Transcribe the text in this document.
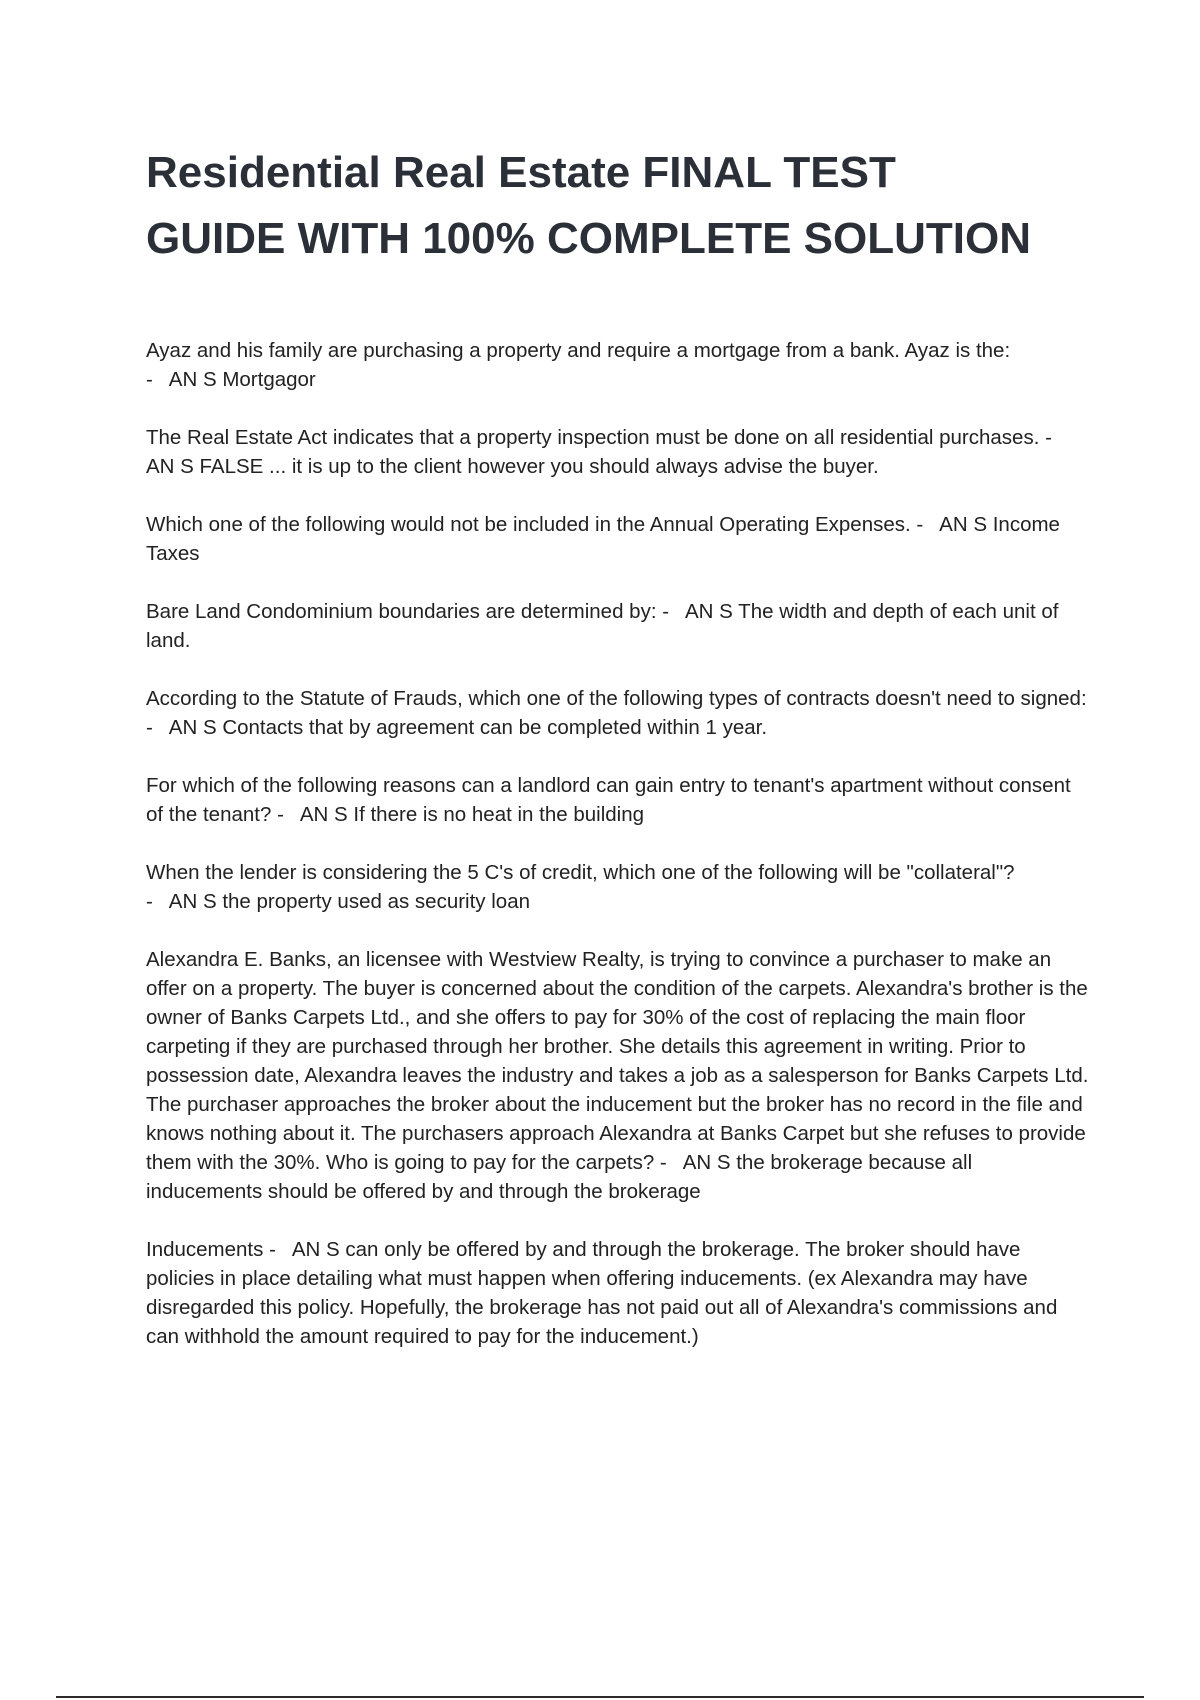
Residential Real Estate FINAL TEST
GUIDE WITH 100% COMPLETE SOLUTION

Ayaz and his family are purchasing a property and require a mortgage from a bank. Ayaz is the:
-   AN S Mortgagor

The Real Estate Act indicates that a property inspection must be done on all residential purchases. -   AN S FALSE ... it is up to the client however you should always advise the buyer.

Which one of the following would not be included in the Annual Operating Expenses. -   AN S Income Taxes

Bare Land Condominium boundaries are determined by: -   AN S The width and depth of each unit of land.

According to the Statute of Frauds, which one of the following types of contracts doesn't need to signed: -   AN S Contacts that by agreement can be completed within 1 year.

For which of the following reasons can a landlord can gain entry to tenant's apartment without consent of the tenant? -   AN S If there is no heat in the building

When the lender is considering the 5 C's of credit, which one of the following will be "collateral"?
-   AN S the property used as security loan

Alexandra E. Banks, an licensee with Westview Realty, is trying to convince a purchaser to make an offer on a property. The buyer is concerned about the condition of the carpets. Alexandra's brother is the owner of Banks Carpets Ltd., and she offers to pay for 30% of the cost of replacing the main floor carpeting if they are purchased through her brother. She details this agreement in writing. Prior to possession date, Alexandra leaves the industry and takes a job as a salesperson for Banks Carpets Ltd. The purchaser approaches the broker about the inducement but the broker has no record in the file and knows nothing about it. The purchasers approach Alexandra at Banks Carpet but she refuses to provide them with the 30%. Who is going to pay for the carpets? -   AN S the brokerage because all inducements should be offered by and through the brokerage

Inducements -   AN S can only be offered by and through the brokerage. The broker should have policies in place detailing what must happen when offering inducements. (ex Alexandra may have disregarded this policy. Hopefully, the brokerage has not paid out all of Alexandra's commissions and can withhold the amount required to pay for the inducement.)
